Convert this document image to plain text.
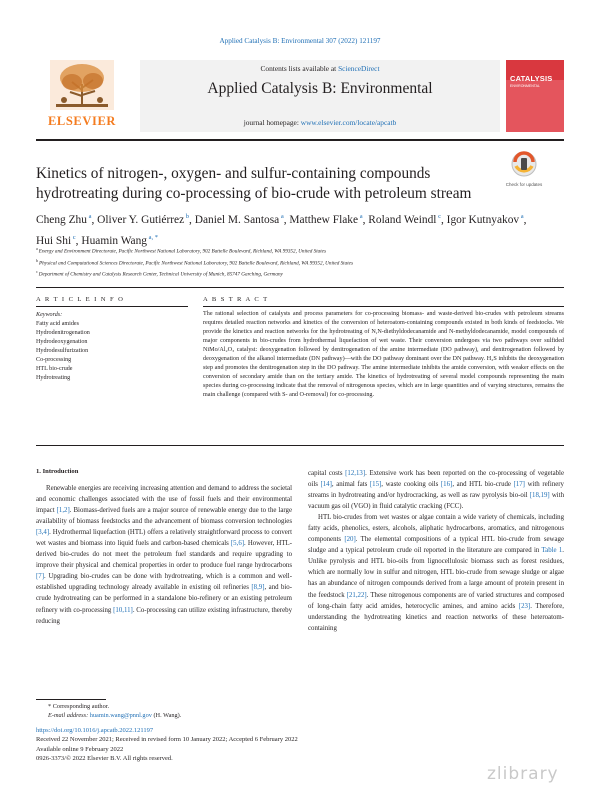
Applied Catalysis B: Environmental 307 (2022) 121197
ELSEVIER
Contents lists available at ScienceDirect
Applied Catalysis B: Environmental
journal homepage: www.elsevier.com/locate/apcatb
CATALYSIS
ENVIRONMENTAL
Kinetics of nitrogen-, oxygen- and sulfur-containing compounds hydrotreating during co-processing of bio-crude with petroleum stream	Check for updates
Cheng Zhu $^a$, Oliver Y. Gutiérrez $^b$, Daniel M. Santosa $^a$, Matthew Flake $^a$, Roland Weindl $^c$, Igor Kutnyakov $^a$, Hui Shi $^c$, Huamin Wang $^{a, *}$
$^a$ Energy and Environment Directorate, Pacific Northwest National Laboratory, 902 Battelle Boulevard, Richland, WA 99352, United States
$^b$ Physical and Computational Sciences Directorate, Pacific Northwest National Laboratory, 902 Battelle Boulevard, Richland, WA 99352, United States
$^c$ Department of Chemistry and Catalysis Research Center, Technical University of Munich, 85747 Garching, Germany
A R T I C L E I N F O	A B S T R A C T
Keywords:
Fatty acid amides
Hydrodenitrogenation
Hydrodeoxygenation
Hydrodesulfurization
Co-processing
HTL bio-crude
Hydrotreating
The rational selection of catalysts and process parameters for co-processing biomass- and waste-derived bio-crudes with petroleum streams requires detailed reaction networks and kinetics of the conversion of heteroatom-containing compounds existed in both kinds of feedstocks. We provide the kinetics and reaction networks for the hydrotreating of N,N-diethyldodecanamide and N-methyldodecanamide, model compounds of major components in bio-crudes from hydrothermal liquefaction of wet waste. Their conversion undergoes via two pathways over sulfided NiMo/Al₂O₃ catalyst: deoxygenation followed by denitrogenation of the amine intermediate (DO pathway), and denitrogenation followed by deoxygenation of the alkanol intermediate (DN pathway)—with the DO pathway dominant over the DN pathway. H₂S inhibits the deoxygenation step and promotes the denitrogenation step in the DO pathway. The amine intermediate inhibits the amide conversion, with weaker effects on the conversion of secondary amide than on the tertiary amide. The kinetics of hydrotreating of several model compounds representing the main species during co-processing indicate that the removal of nitrogenous species, which are in large quantities and of varying structures, remains the main challenge (compared with S- and O-removal) for co-processing.
1. Introduction

Renewable energies are receiving increasing attention and demand to address the societal and economic challenges associated with the use of fossil fuels and their environmental impact [1,2]. Biomass-derived fuels are a major source of renewable energy due to the large availability of biomass feedstocks and the advancement of biomass conversion technologies [3,4]. Hydrothermal liquefaction (HTL) offers a relatively straightforward process to convert wet wastes and biomass into liquid fuels and carbon-based chemicals [5,6]. However, HTL-derived bio-crudes do not meet the petroleum fuel standards and require upgrading to improve their physical and chemical properties in order to produce fuel range hydrocarbons [7]. Upgrading bio-crudes can be done with hydrotreating, which is a common and well-established upgrading technology already available in existing oil refineries [8,9], and bio-crude hydrotreating can be performed in a standalone bio-refinery or an existing petroleum refinery with co-processing [10,11]. Co-processing can utilize existing infrastructure, thereby reducing

capital costs [12,13]. Extensive work has been reported on the co-processing of vegetable oils [14], animal fats [15], waste cooking oils [16], and HTL bio-crude [17] with refinery streams in hydrotreating and/or hydrocracking, as well as raw pyrolysis bio-oil [18,19] with vacuum gas oil (VGO) in fluid catalytic cracking (FCC).

HTL bio-crudes from wet wastes or algae contain a wide variety of chemicals, including fatty acids, phenolics, esters, alcohols, aliphatic hydrocarbons, aromatics, and nitrogenous components [20]. The elemental compositions of a typical HTL bio-crude from sewage sludge and a typical petroleum crude oil reported in the literature are compared in Table 1. Unlike pyrolysis and HTL bio-oils from lignocellulosic biomass such as forest residues, which are normally low in sulfur and nitrogen, HTL bio-crude from sewage sludge or algae has an abundance of nitrogen compounds derived from a large amount of protein present in the feedstock [21,22]. These nitrogenous components are of varied structures and composed of long-chain fatty acid amides, heterocyclic amines, and amino acids [23]. Therefore, understanding the hydrotreating kinetics and reaction networks of these heteroatom-containing

* Corresponding author.
E-mail address: huamin.wang@pnnl.gov (H. Wang).
https://doi.org/10.1016/j.apcatb.2022.121197
Received 22 November 2021; Received in revised form 10 January 2022; Accepted 6 February 2022
Available online 9 February 2022
0926-3373/© 2022 Elsevier B.V. All rights reserved.
zlibrary
